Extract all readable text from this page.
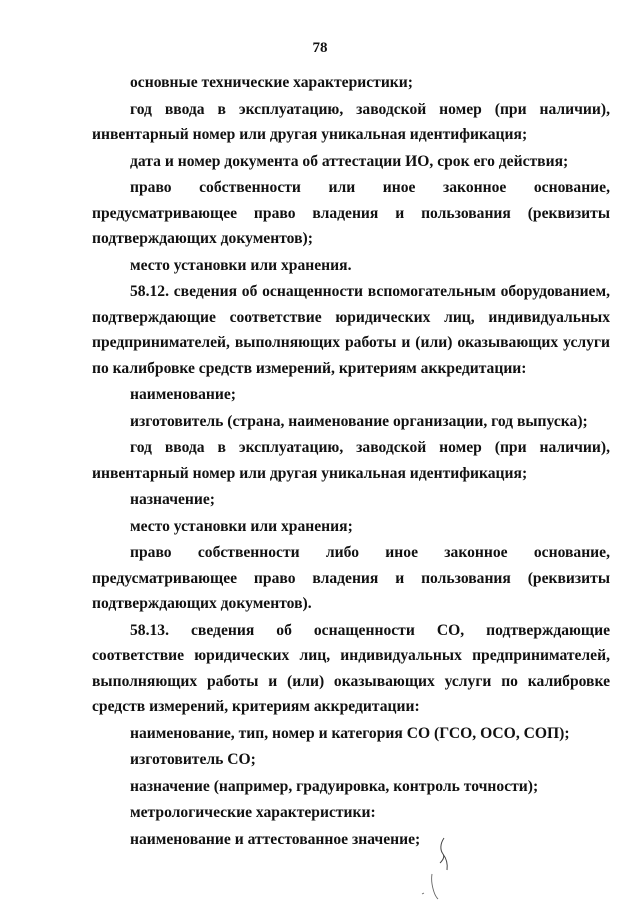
78

основные технические характеристики;

год ввода в эксплуатацию, заводской номер (при наличии), инвентарный номер или другая уникальная идентификация;

дата и номер документа об аттестации ИО, срок его действия;

право собственности или иное законное основание, предусматривающее право владения и пользования (реквизиты подтверждающих документов);

место установки или хранения.

58.12. сведения об оснащенности вспомогательным оборудованием, подтверждающие соответствие юридических лиц, индивидуальных предпринимателей, выполняющих работы и (или) оказывающих услуги по калибровке средств измерений, критериям аккредитации:

наименование;

изготовитель (страна, наименование организации, год выпуска);

год ввода в эксплуатацию, заводской номер (при наличии), инвентарный номер или другая уникальная идентификация;

назначение;

место установки или хранения;

право собственности либо иное законное основание, предусматривающее право владения и пользования (реквизиты подтверждающих документов).

58.13. сведения об оснащенности СО, подтверждающие соответствие юридических лиц, индивидуальных предпринимателей, выполняющих работы и (или) оказывающих услуги по калибровке средств измерений, критериям аккредитации:

наименование, тип, номер и категория СО (ГСО, ОСО, СОП);

изготовитель СО;

назначение (например, градуировка, контроль точности);

метрологические характеристики:

наименование и аттестованное значение;
